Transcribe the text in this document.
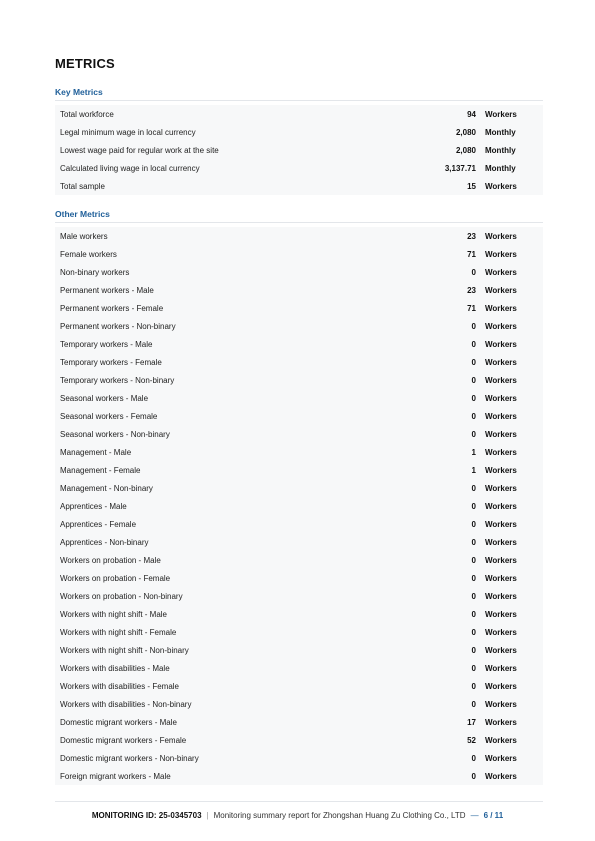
METRICS
Key Metrics
Total workforce	94	Workers
Legal minimum wage in local currency	2,080	Monthly
Lowest wage paid for regular work at the site	2,080	Monthly
Calculated living wage in local currency	3,137.71	Monthly
Total sample	15	Workers
Other Metrics
Male workers	23	Workers
Female workers	71	Workers
Non-binary workers	0	Workers
Permanent workers - Male	23	Workers
Permanent workers - Female	71	Workers
Permanent workers - Non-binary	0	Workers
Temporary workers - Male	0	Workers
Temporary workers - Female	0	Workers
Temporary workers - Non-binary	0	Workers
Seasonal workers - Male	0	Workers
Seasonal workers - Female	0	Workers
Seasonal workers - Non-binary	0	Workers
Management - Male	1	Workers
Management - Female	1	Workers
Management - Non-binary	0	Workers
Apprentices - Male	0	Workers
Apprentices - Female	0	Workers
Apprentices - Non-binary	0	Workers
Workers on probation - Male	0	Workers
Workers on probation - Female	0	Workers
Workers on probation - Non-binary	0	Workers
Workers with night shift - Male	0	Workers
Workers with night shift - Female	0	Workers
Workers with night shift - Non-binary	0	Workers
Workers with disabilities - Male	0	Workers
Workers with disabilities - Female	0	Workers
Workers with disabilities - Non-binary	0	Workers
Domestic migrant workers - Male	17	Workers
Domestic migrant workers - Female	52	Workers
Domestic migrant workers - Non-binary	0	Workers
Foreign migrant workers - Male	0	Workers
MONITORING ID: 25-0345703 | Monitoring summary report for Zhongshan Huang Zu Clothing Co., LTD — 6 / 11
